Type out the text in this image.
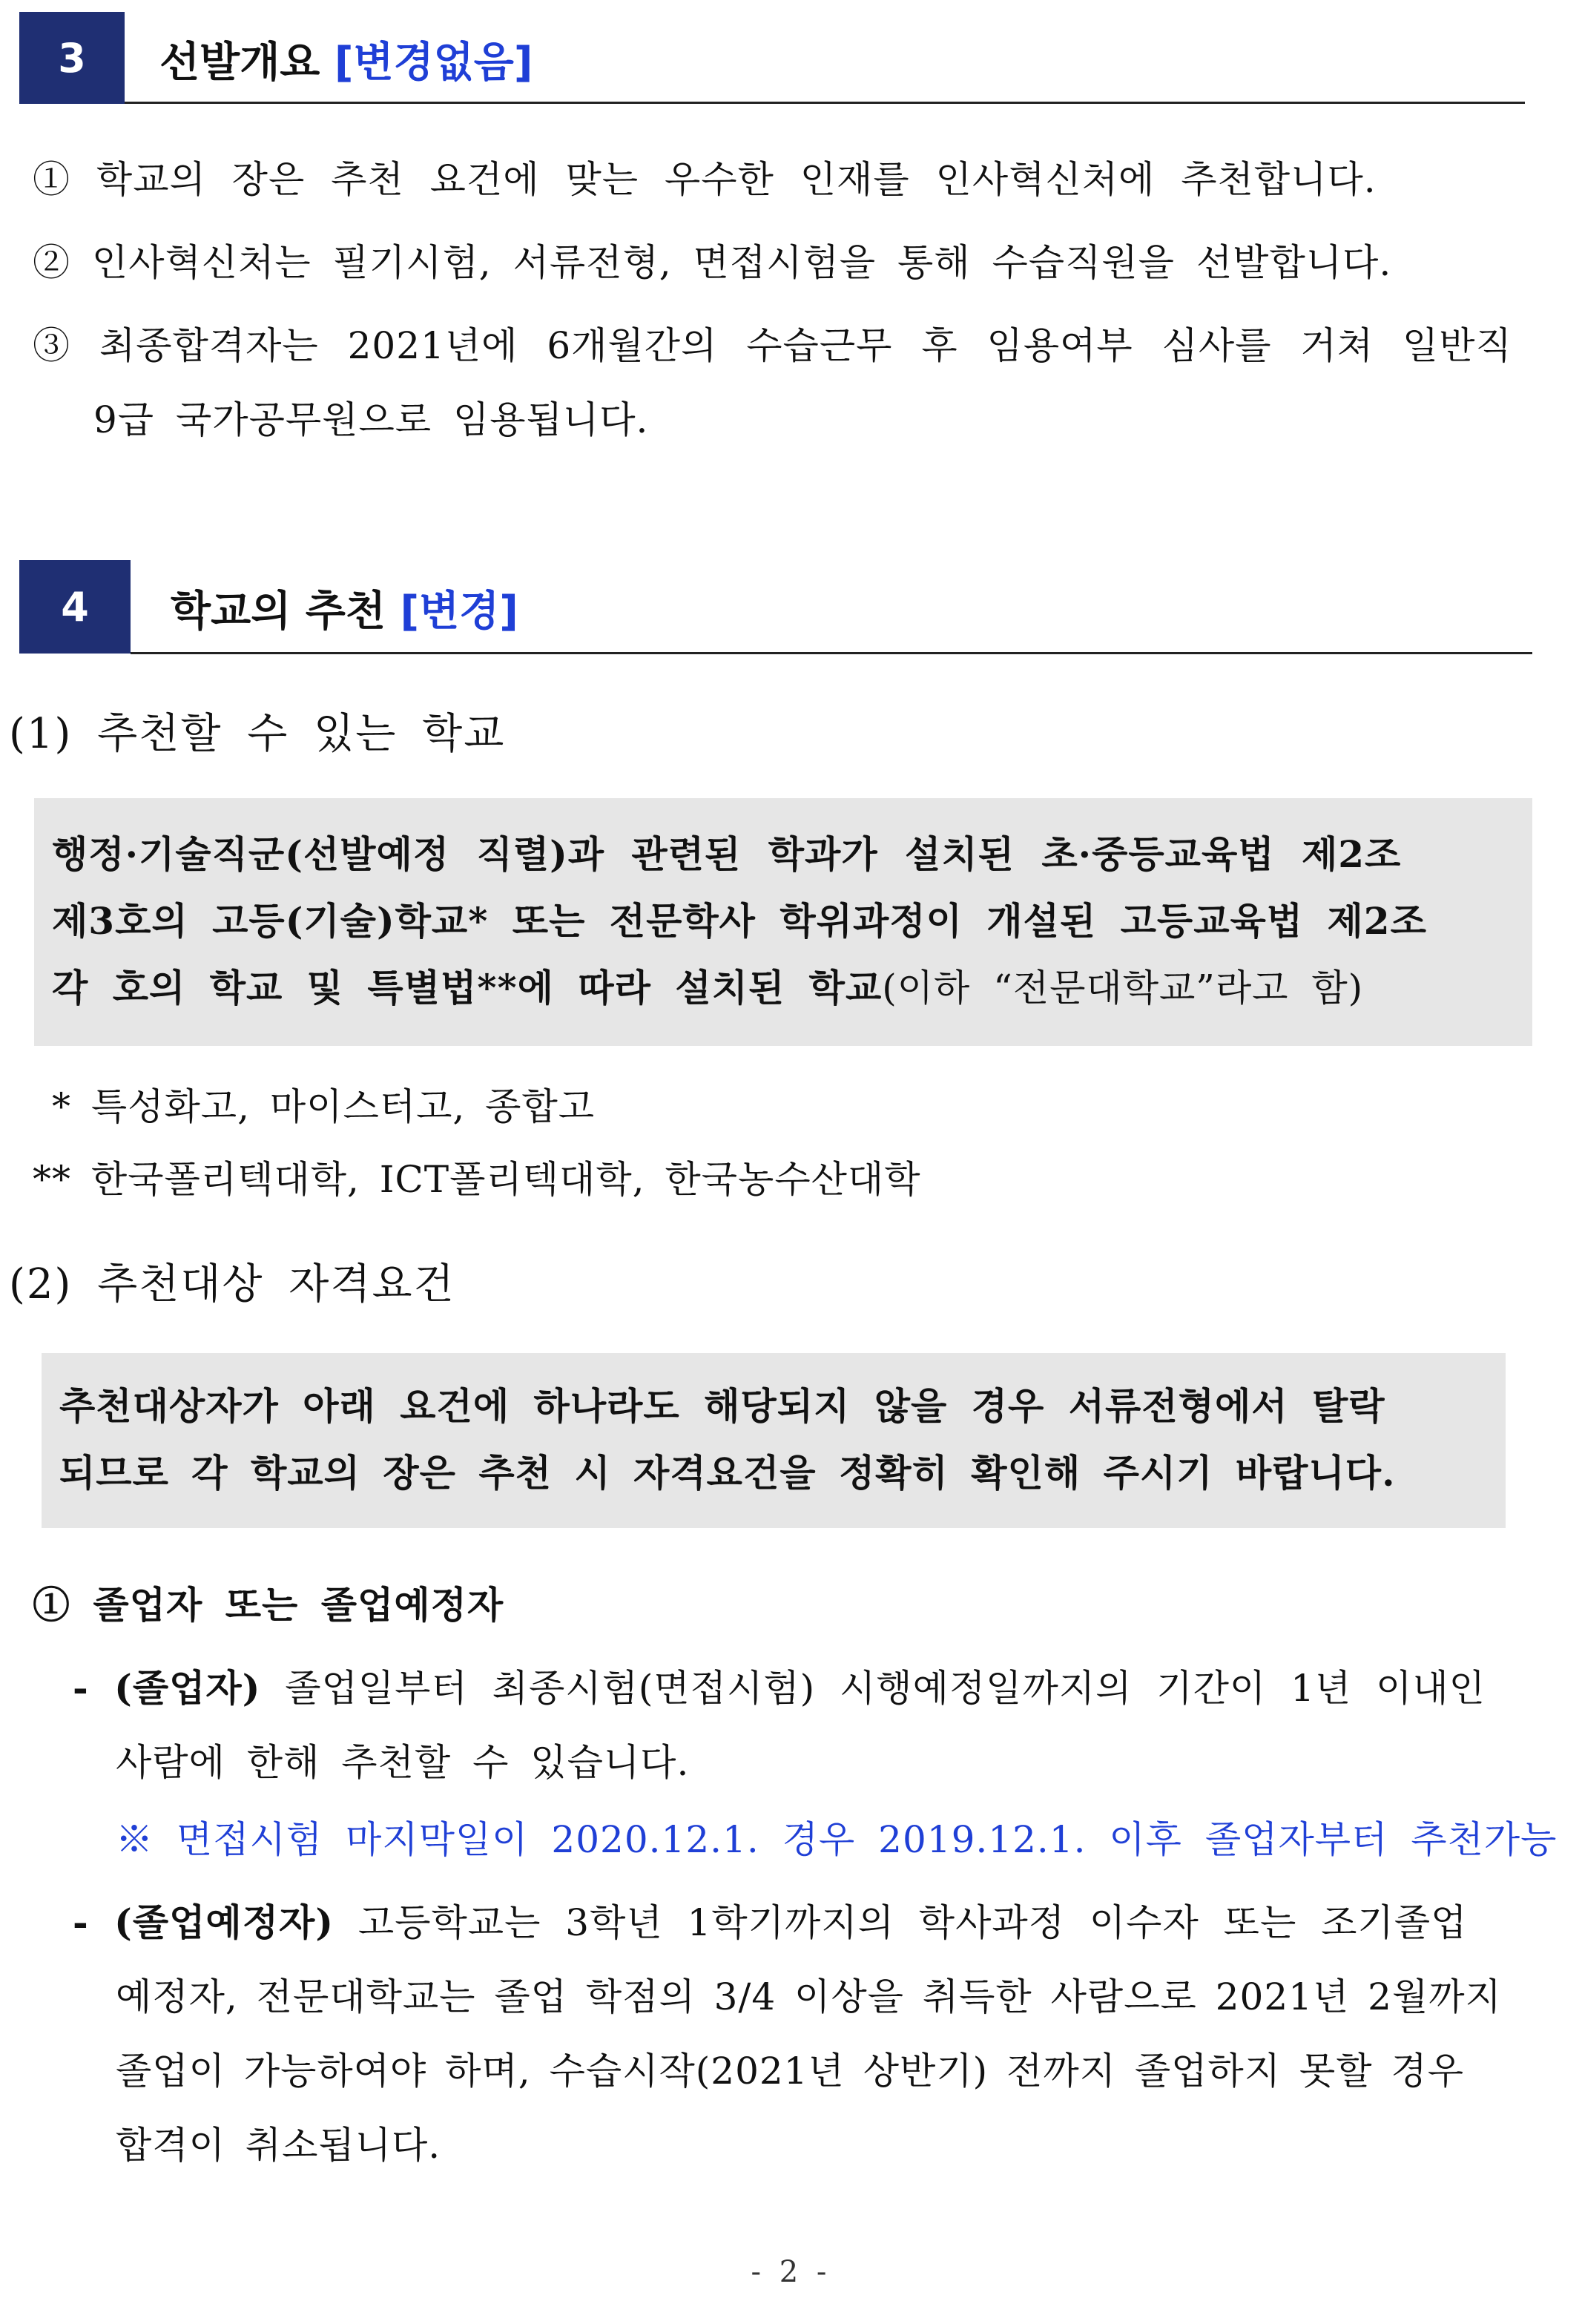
3 선발개요 [변경없음]
① 학교의 장은 추천 요건에 맞는 우수한 인재를 인사혁신처에 추천합니다.
② 인사혁신처는 필기시험, 서류전형, 면접시험을 통해 수습직원을 선발합니다.
③ 최종합격자는 2021년에 6개월간의 수습근무 후 임용여부 심사를 거쳐 일반직
9급 국가공무원으로 임용됩니다.
4 학교의 추천 [변경]
(1) 추천할 수 있는 학교
행정·기술직군(선발예정 직렬)과 관련된 학과가 설치된 초·중등교육법 제2조
제3호의 고등(기술)학교* 또는 전문학사 학위과정이 개설된 고등교육법 제2조
각 호의 학교 및 특별법**에 따라 설치된 학교(이하 “전문대학교”라고 함)
* 특성화고, 마이스터고, 종합고
** 한국폴리텍대학, ICT폴리텍대학, 한국농수산대학
(2) 추천대상 자격요건
추천대상자가 아래 요건에 하나라도 해당되지 않을 경우 서류전형에서 탈락
되므로 각 학교의 장은 추천 시 자격요건을 정확히 확인해 주시기 바랍니다.
① 졸업자 또는 졸업예정자
- (졸업자) 졸업일부터 최종시험(면접시험) 시행예정일까지의 기간이 1년 이내인
사람에 한해 추천할 수 있습니다.
※ 면접시험 마지막일이 2020.12.1. 경우 2019.12.1. 이후 졸업자부터 추천가능
- (졸업예정자) 고등학교는 3학년 1학기까지의 학사과정 이수자 또는 조기졸업
예정자, 전문대학교는 졸업 학점의 3/4 이상을 취득한 사람으로 2021년 2월까지
졸업이 가능하여야 하며, 수습시작(2021년 상반기) 전까지 졸업하지 못할 경우
합격이 취소됩니다.
- 2 -
